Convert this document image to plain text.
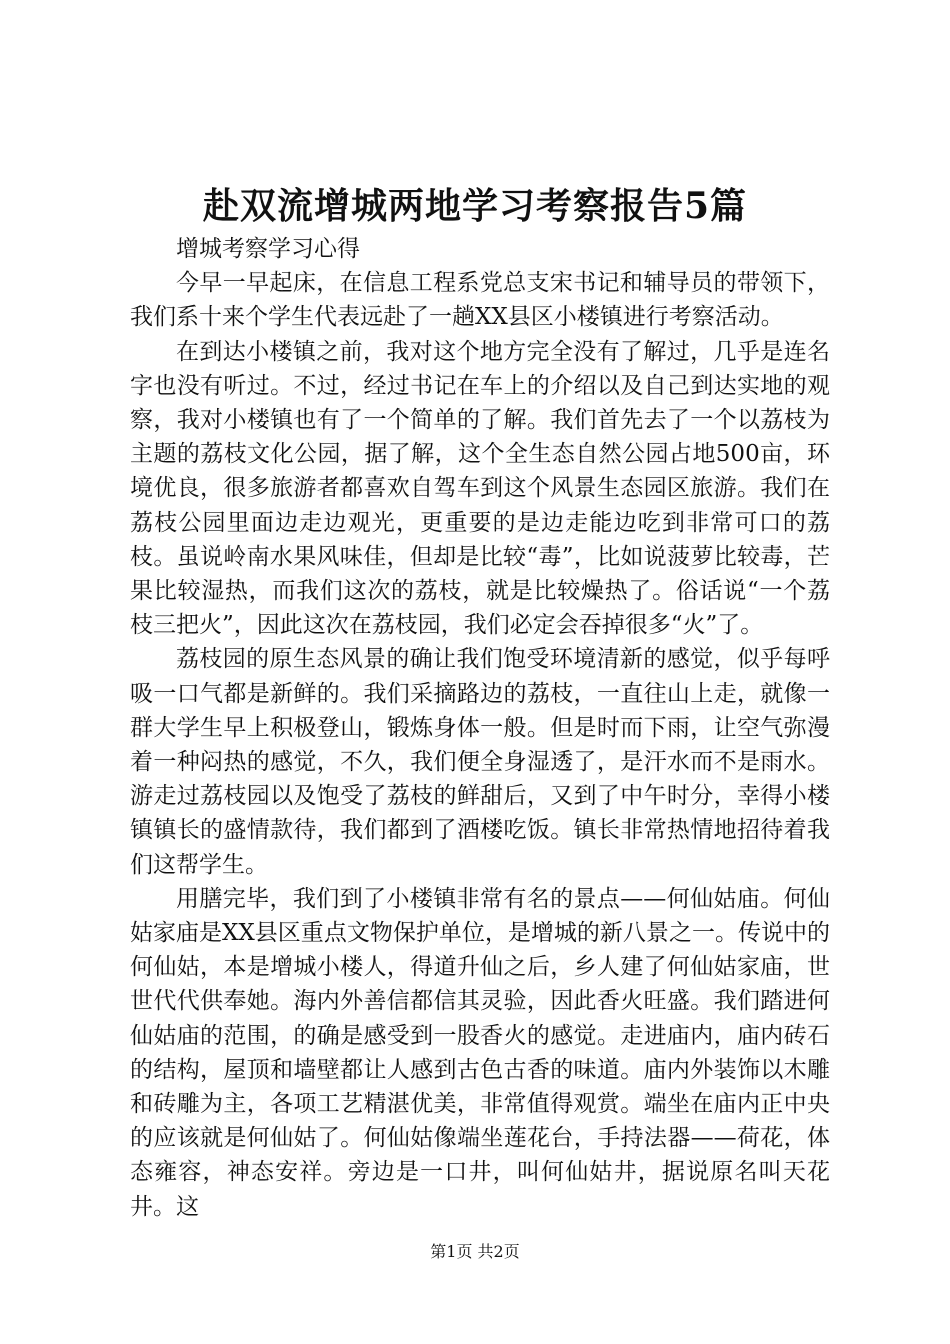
赴双流增城两地学习考察报告5篇

增城考察学习心得

今早一早起床，在信息工程系党总支宋书记和辅导员的带领下，我们系十来个学生代表远赴了一趟XX县区小楼镇进行考察活动。

在到达小楼镇之前，我对这个地方完全没有了解过，几乎是连名字也没有听过。不过，经过书记在车上的介绍以及自己到达实地的观察，我对小楼镇也有了一个简单的了解。我们首先去了一个以荔枝为主题的荔枝文化公园，据了解，这个全生态自然公园占地500亩，环境优良，很多旅游者都喜欢自驾车到这个风景生态园区旅游。我们在荔枝公园里面边走边观光，更重要的是边走能边吃到非常可口的荔枝。虽说岭南水果风味佳，但却是比较“毒”，比如说菠萝比较毒，芒果比较湿热，而我们这次的荔枝，就是比较燥热了。俗话说“一个荔枝三把火”，因此这次在荔枝园，我们必定会吞掉很多“火”了。

荔枝园的原生态风景的确让我们饱受环境清新的感觉，似乎每呼吸一口气都是新鲜的。我们采摘路边的荔枝，一直往山上走，就像一群大学生早上积极登山，锻炼身体一般。但是时而下雨，让空气弥漫着一种闷热的感觉，不久，我们便全身湿透了，是汗水而不是雨水。游走过荔枝园以及饱受了荔枝的鲜甜后，又到了中午时分，幸得小楼镇镇长的盛情款待，我们都到了酒楼吃饭。镇长非常热情地招待着我们这帮学生。

用膳完毕，我们到了小楼镇非常有名的景点——何仙姑庙。何仙姑家庙是XX县区重点文物保护单位，是增城的新八景之一。传说中的何仙姑，本是增城小楼人，得道升仙之后，乡人建了何仙姑家庙，世世代代供奉她。海内外善信都信其灵验，因此香火旺盛。我们踏进何仙姑庙的范围，的确是感受到一股香火的感觉。走进庙内，庙内砖石的结构，屋顶和墙壁都让人感到古色古香的味道。庙内外装饰以木雕和砖雕为主，各项工艺精湛优美，非常值得观赏。端坐在庙内正中央的应该就是何仙姑了。何仙姑像端坐莲花台，手持法器——荷花，体态雍容，神态安祥。旁边是一口井，叫何仙姑井，据说原名叫天花井。这

第1页 共2页
